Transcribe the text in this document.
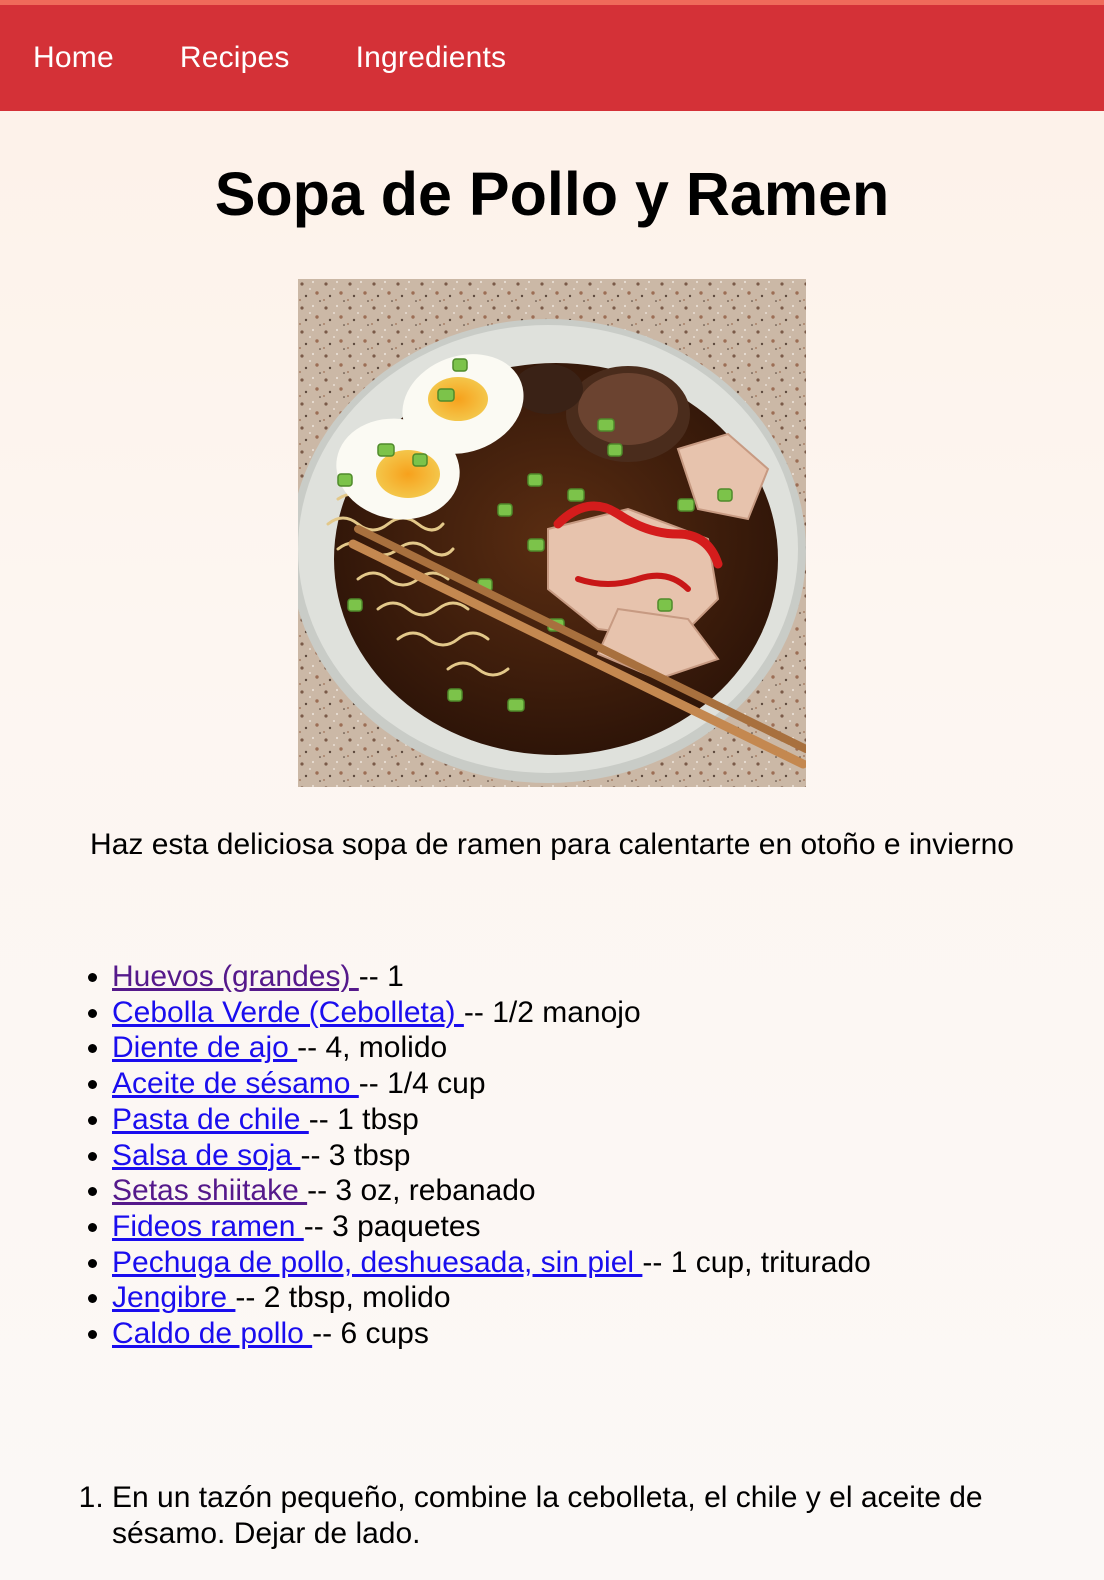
Home Recipes Ingredients
Sopa de Pollo y Ramen

Haz esta deliciosa sopa de ramen para calentarte en otoño e invierno

• Huevos (grandes) -- 1
• Cebolla Verde (Cebolleta) -- 1/2 manojo
• Diente de ajo -- 4, molido
• Aceite de sésamo -- 1/4 cup
• Pasta de chile -- 1 tbsp
• Salsa de soja -- 3 tbsp
• Setas shiitake -- 3 oz, rebanado
• Fideos ramen -- 3 paquetes
• Pechuga de pollo, deshuesada, sin piel -- 1 cup, triturado
• Jengibre -- 2 tbsp, molido
• Caldo de pollo -- 6 cups
1. En un tazón pequeño, combine la cebolleta, el chile y el aceite de sésamo. Dejar de lado.
